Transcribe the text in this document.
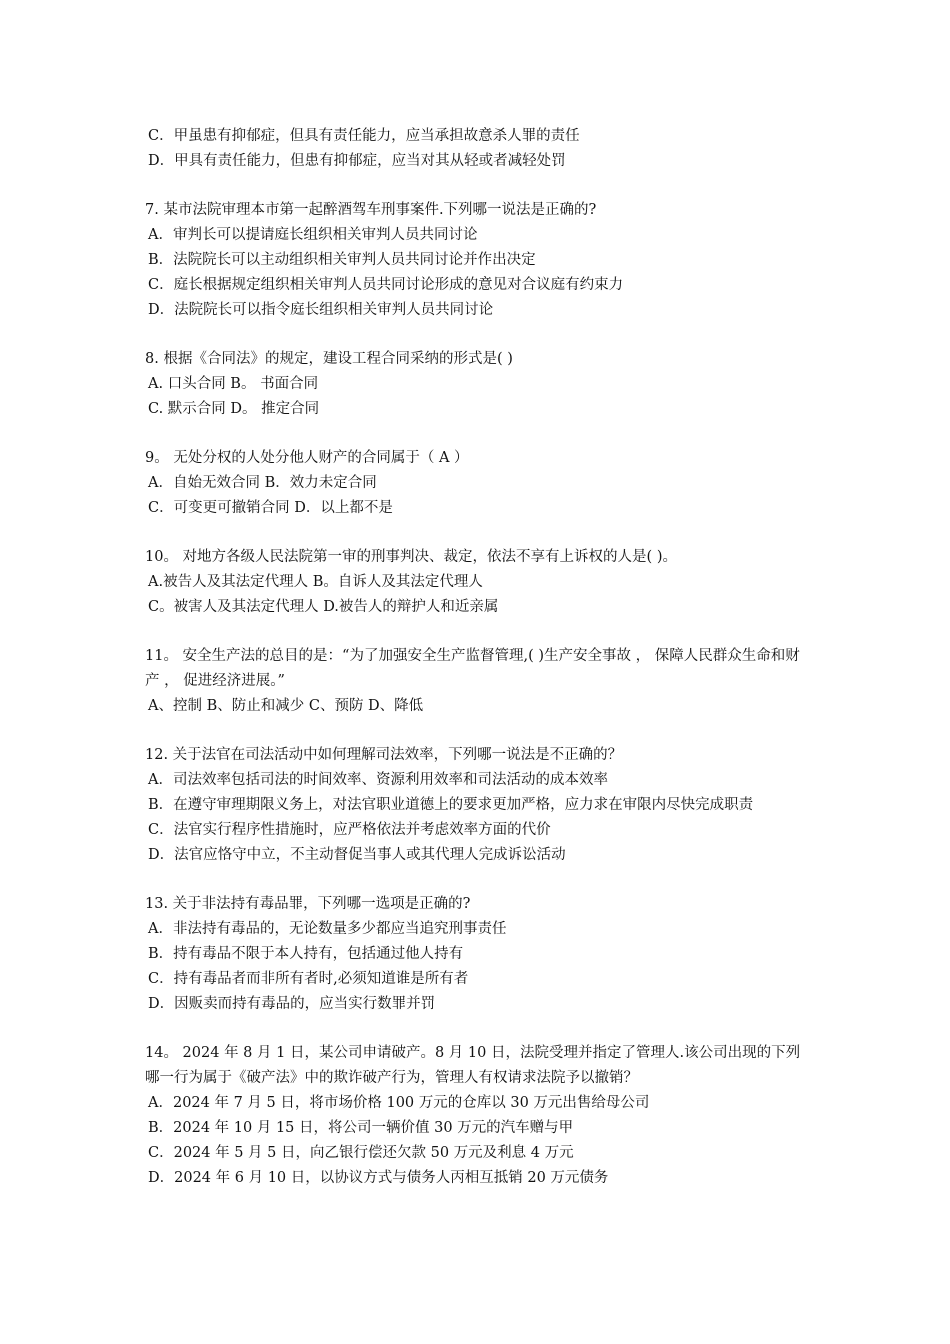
C．甲虽患有抑郁症，但具有责任能力，应当承担故意杀人罪的责任
D．甲具有责任能力，但患有抑郁症，应当对其从轻或者减轻处罚
7. 某市法院审理本市第一起醉酒驾车刑事案件.下列哪一说法是正确的?
A．审判长可以提请庭长组织相关审判人员共同讨论
B．法院院长可以主动组织相关审判人员共同讨论并作出决定
C．庭长根据规定组织相关审判人员共同讨论形成的意见对合议庭有约束力
D．法院院长可以指令庭长组织相关审判人员共同讨论
8. 根据《合同法》的规定，建设工程合同采纳的形式是( )
A. 口头合同 B。 书面合同
C. 默示合同 D。 推定合同
9。 无处分权的人处分他人财产的合同属于（ A ）
A．自始无效合同 B．效力未定合同
C．可变更可撤销合同 D．以上都不是
10。 对地方各级人民法院第一审的刑事判决、裁定，依法不享有上诉权的人是( )。
A.被告人及其法定代理人 B。自诉人及其法定代理人
C。被害人及其法定代理人 D.被告人的辩护人和近亲属
11。 安全生产法的总目的是：“为了加强安全生产监督管理,( )生产安全事故 ， 保障人民群众生命和财产 ， 促进经济进展。”
A、控制 B、防止和减少 C、预防 D、降低
12. 关于法官在司法活动中如何理解司法效率，下列哪一说法是不正确的？
A．司法效率包括司法的时间效率、资源利用效率和司法活动的成本效率
B．在遵守审理期限义务上，对法官职业道德上的要求更加严格，应力求在审限内尽快完成职责
C．法官实行程序性措施时，应严格依法并考虑效率方面的代价
D．法官应恪守中立，不主动督促当事人或其代理人完成诉讼活动
13. 关于非法持有毒品罪，下列哪一选项是正确的?
A．非法持有毒品的，无论数量多少都应当追究刑事责任
B．持有毒品不限于本人持有，包括通过他人持有
C．持有毒品者而非所有者时,必须知道谁是所有者
D．因贩卖而持有毒品的，应当实行数罪并罚
14。 2024 年 8 月 1 日，某公司申请破产。8 月 10 日，法院受理并指定了管理人.该公司出现的下列哪一行为属于《破产法》中的欺诈破产行为，管理人有权请求法院予以撤销？
A．2024 年 7 月 5 日，将市场价格 100 万元的仓库以 30 万元出售给母公司
B．2024 年 10 月 15 日，将公司一辆价值 30 万元的汽车赠与甲
C．2024 年 5 月 5 日，向乙银行偿还欠款 50 万元及利息 4 万元
D．2024 年 6 月 10 日，以协议方式与债务人丙相互抵销 20 万元债务
